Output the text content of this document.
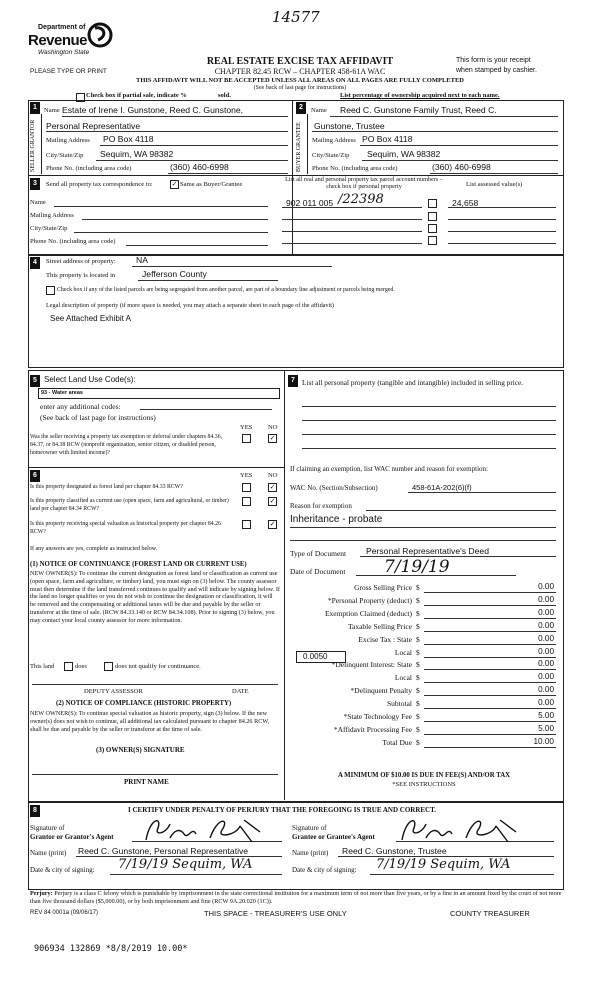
14577
Department of
Revenue
Washington State
PLEASE TYPE OR PRINT
REAL ESTATE EXCISE TAX AFFIDAVIT
CHAPTER 82.45 RCW – CHAPTER 458-61A WAC
THIS AFFIDAVIT WILL NOT BE ACCEPTED UNLESS ALL AREAS ON ALL PAGES ARE FULLY COMPLETED
(See back of last page for instructions)
This form is your receipt
when stamped by cashier.
Check box if partial sale, indicate %	sold.	List percentage of ownership acquired next to each name.
1
SELLER GRANTOR
Name Estate of Irene I. Gunstone, Reed C. Gunstone,
Personal Representative
Mailing Address PO Box 4118
City/State/Zip Sequim, WA 98382
Phone No. (including area code)	(360) 460-6998
2
BUYER GRANTEE
Name Reed C. Gunstone Family Trust, Reed C.
Gunstone, Trustee
Mailing Address PO Box 4118
City/State/Zip Sequim, WA 98382
Phone No. (including area code)	(360) 460-6998
3	Send all property tax correspondence to:	✓ Same as Buyer/Grantee
Name
Mailing Address
City/State/Zip
Phone No. (including area code)
List all real and personal property tax parcel account numbers – check box if personal property	List assessed value(s)
902 011 005 /22398	24,658
4	Street address of property: NA
This property is located in	Jefferson County
Check box if any of the listed parcels are being segregated from another parcel, are part of a boundary line adjustment or parcels being merged.
Legal description of property (if more space is needed, you may attach a separate sheet to each page of the affidavit)
See Attached Exhibit A
5 Select Land Use Code(s):
93 - Water areas
enter any additional codes:
(See back of last page for instructions)
YES NO
Was the seller receiving a property tax exemption or deferral under chapters 84.36, 84.37, or 84.38 RCW (nonprofit organization, senior citizen, or disabled person, homeowner with limited income)?
✓
6	YES NO
Is this property designated as forest land per chapter 84.33 RCW?	✓
Is this property classified as current use (open space, farm and agricultural, or timber) land per chapter 84.34 RCW?
✓
Is this property receiving special valuation as historical property per chapter 84.26 RCW?
✓
If any answers are yes, complete as instructed below.
(1) NOTICE OF CONTINUANCE (FOREST LAND OR CURRENT USE)
NEW OWNER(S): To continue the current designation as forest land or classification as current use (open space, farm and agriculture, or timber) land, you must sign on (3) below. The county assessor must then determine if the land transferred continues to qualify and will indicate by signing below. If the land no longer qualifies or you do not wish to continue the designation or classification, it will be removed and the compensating or additional taxes will be due and payable by the seller or transferor at the time of sale. (RCW 84.33.140 or RCW 84.34.108). Prior to signing (3) below, you may contact your local county assessor for more information.
This land	does	does not qualify for continuance.
DEPUTY ASSESSOR	DATE
(2) NOTICE OF COMPLIANCE (HISTORIC PROPERTY)
NEW OWNER(S): To continue special valuation as historic property, sign (3) below. If the new owner(s) does not wish to continue, all additional tax calculated pursuant to chapter 84.26 RCW, shall be due and payable by the seller or transferor at the time of sale.
(3) OWNER(S) SIGNATURE
PRINT NAME
7 List all personal property (tangible and intangible) included in selling price.
If claiming an exemption, list WAC number and reason for exemption:
WAC No. (Section/Subsection)	458-61A-202(6)(f)
Reason for exemption
Inheritance - probate
Type of Document Personal Representative's Deed
Date of Document 7/19/19
Gross Selling Price $	0.00
*Personal Property (deduct) $	0.00
Exemption Claimed (deduct) $	0.00
Taxable Selling Price $	0.00
Excise Tax : State $	0.00
Local $	0.00
*Delinquent Interest: State $	0.00
Local $	0.00
*Delinquent Penalty $	0.00
Subtotal $	0.00
*State Technology Fee $	5.00
*Affidavit Processing Fee $	5.00
Total Due $	10.00
0.0050
A MINIMUM OF $10.00 IS DUE IN FEE(S) AND/OR TAX
*SEE INSTRUCTIONS
8	I CERTIFY UNDER PENALTY OF PERJURY THAT THE FOREGOING IS TRUE AND CORRECT.
Signature of
Grantor or Grantor's Agent
Signature of
Grantee or Grantee's Agent
Name (print) Reed C. Gunstone, Personal Representative	Name (print) Reed C. Gunstone, Trustee
Date & city of signing: 7/19/19 Sequim, WA	Date & city of signing: 7/19/19 Sequim, WA
Perjury: Perjury is a class C felony which is punishable by imprisonment in the state correctional institution for a maximum term of not more than five years, or by a fine in an amount fixed by the court of not more than five thousand dollars ($5,000.00), or by both imprisonment and fine (RCW 9A.20.020 (1C)).
REV 84 0001a (09/06/17)	THIS SPACE - TREASURER'S USE ONLY	COUNTY TREASURER
906934 132869 *8/8/2019 10.00*
